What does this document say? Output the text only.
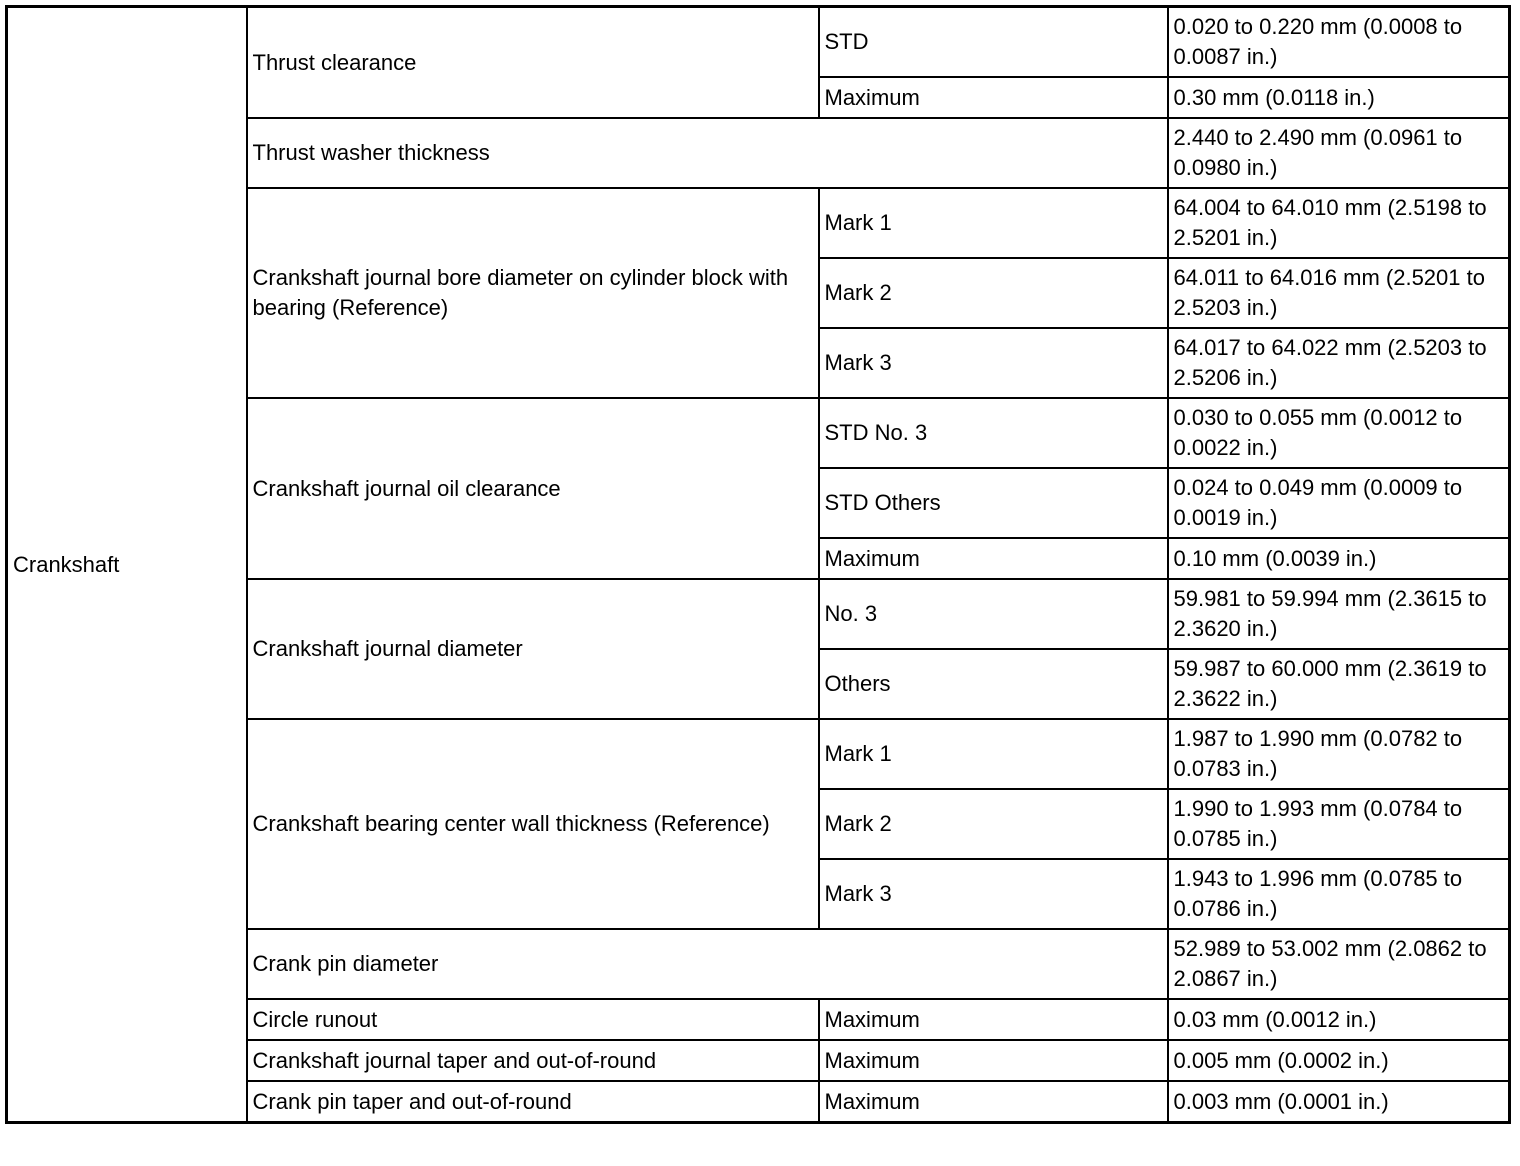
Crankshaft	Thrust clearance	STD	0.020 to 0.220 mm (0.0008 to 0.0087 in.)
		Maximum	0.30 mm (0.0118 in.)
	Thrust washer thickness		2.440 to 2.490 mm (0.0961 to 0.0980 in.)
	Crankshaft journal bore diameter on cylinder block with bearing (Reference)	Mark 1	64.004 to 64.010 mm (2.5198 to 2.5201 in.)
		Mark 2	64.011 to 64.016 mm (2.5201 to 2.5203 in.)
		Mark 3	64.017 to 64.022 mm (2.5203 to 2.5206 in.)
	Crankshaft journal oil clearance	STD No. 3	0.030 to 0.055 mm (0.0012 to 0.0022 in.)
		STD Others	0.024 to 0.049 mm (0.0009 to 0.0019 in.)
		Maximum	0.10 mm (0.0039 in.)
	Crankshaft journal diameter	No. 3	59.981 to 59.994 mm (2.3615 to 2.3620 in.)
		Others	59.987 to 60.000 mm (2.3619 to 2.3622 in.)
	Crankshaft bearing center wall thickness (Reference)	Mark 1	1.987 to 1.990 mm (0.0782 to 0.0783 in.)
		Mark 2	1.990 to 1.993 mm (0.0784 to 0.0785 in.)
		Mark 3	1.943 to 1.996 mm (0.0785 to 0.0786 in.)
	Crank pin diameter		52.989 to 53.002 mm (2.0862 to 2.0867 in.)
	Circle runout	Maximum	0.03 mm (0.0012 in.)
	Crankshaft journal taper and out-of-round	Maximum	0.005 mm (0.0002 in.)
	Crank pin taper and out-of-round	Maximum	0.003 mm (0.0001 in.)
